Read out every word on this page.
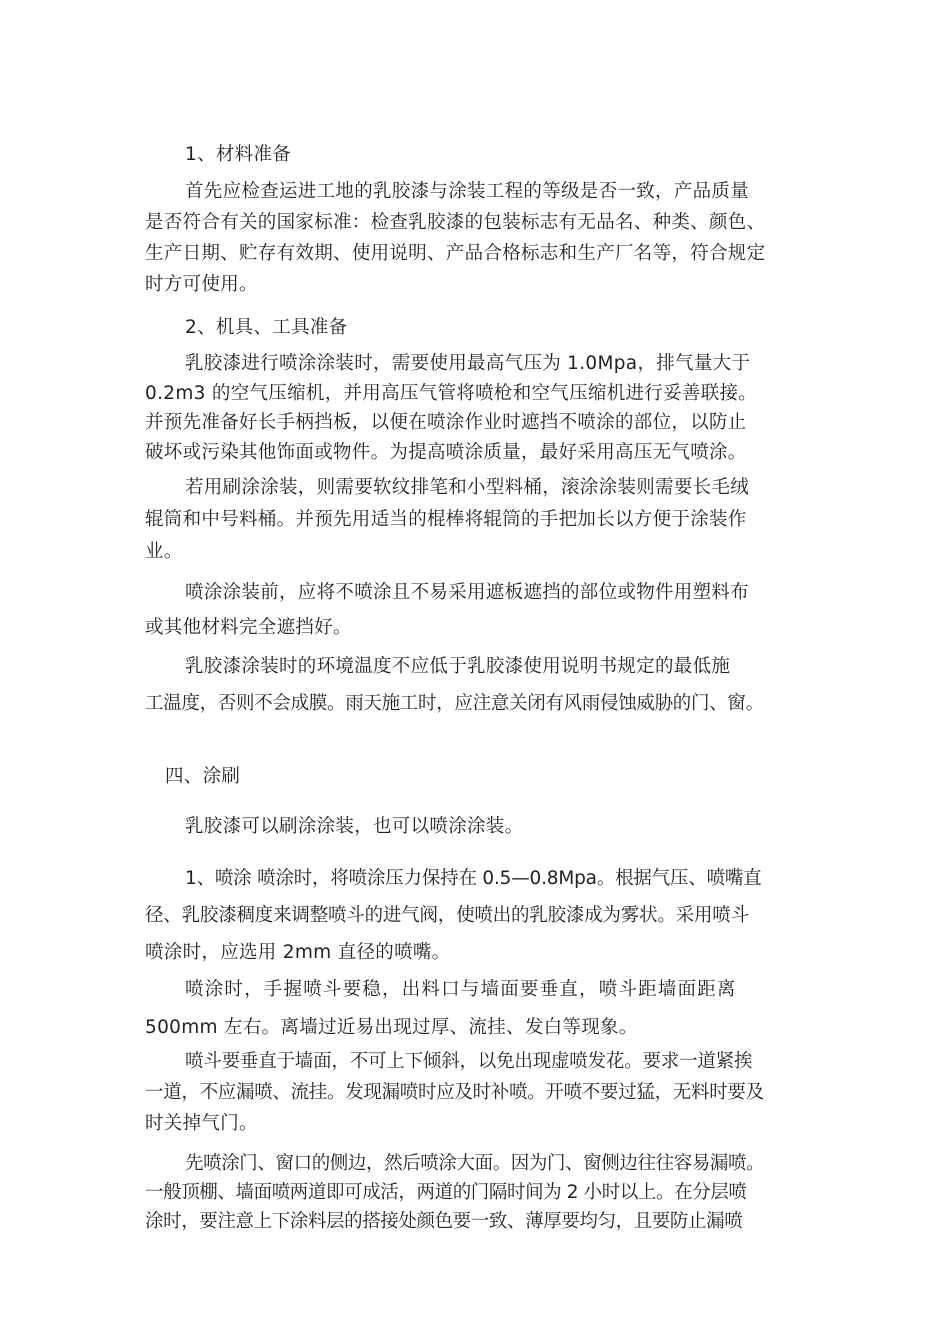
1、材料准备
首先应检查运进工地的乳胶漆与涂装工程的等级是否一致，产品质量
是否符合有关的国家标准：检查乳胶漆的包装标志有无品名、种类、颜色、
生产日期、贮存有效期、使用说明、产品合格标志和生产厂名等，符合规定
时方可使用。
2、机具、工具准备
乳胶漆进行喷涂涂装时，需要使用最高气压为 1.0Mpa，排气量大于
0.2m3 的空气压缩机，并用高压气管将喷枪和空气压缩机进行妥善联接。
并预先准备好长手柄挡板，以便在喷涂作业时遮挡不喷涂的部位，以防止
破坏或污染其他饰面或物件。为提高喷涂质量，最好采用高压无气喷涂。
若用刷涂涂装，则需要软纹排笔和小型料桶，滚涂涂装则需要长毛绒
辊筒和中号料桶。并预先用适当的棍棒将辊筒的手把加长以方便于涂装作
业。
喷涂涂装前，应将不喷涂且不易采用遮板遮挡的部位或物件用塑料布
或其他材料完全遮挡好。
乳胶漆涂装时的环境温度不应低于乳胶漆使用说明书规定的最低施
工温度，否则不会成膜。雨天施工时，应注意关闭有风雨侵蚀威胁的门、窗。
四、涂刷
乳胶漆可以刷涂涂装，也可以喷涂涂装。
1、喷涂 喷涂时，将喷涂压力保持在 0.5—0.8Mpa。根据气压、喷嘴直
径、乳胶漆稠度来调整喷斗的进气阀，使喷出的乳胶漆成为雾状。采用喷斗
喷涂时，应选用 2mm 直径的喷嘴。
喷涂时，手握喷斗要稳，出料口与墙面要垂直，喷斗距墙面距离
500mm 左右。离墙过近易出现过厚、流挂、发白等现象。
喷斗要垂直于墙面，不可上下倾斜，以免出现虚喷发花。要求一道紧挨
一道，不应漏喷、流挂。发现漏喷时应及时补喷。开喷不要过猛，无料时要及
时关掉气门。
先喷涂门、窗口的侧边，然后喷涂大面。因为门、窗侧边往往容易漏喷。
一般顶棚、墙面喷两道即可成活，两道的门隔时间为 2 小时以上。在分层喷
涂时，要注意上下涂料层的搭接处颜色要一致、薄厚要均匀，且要防止漏喷
